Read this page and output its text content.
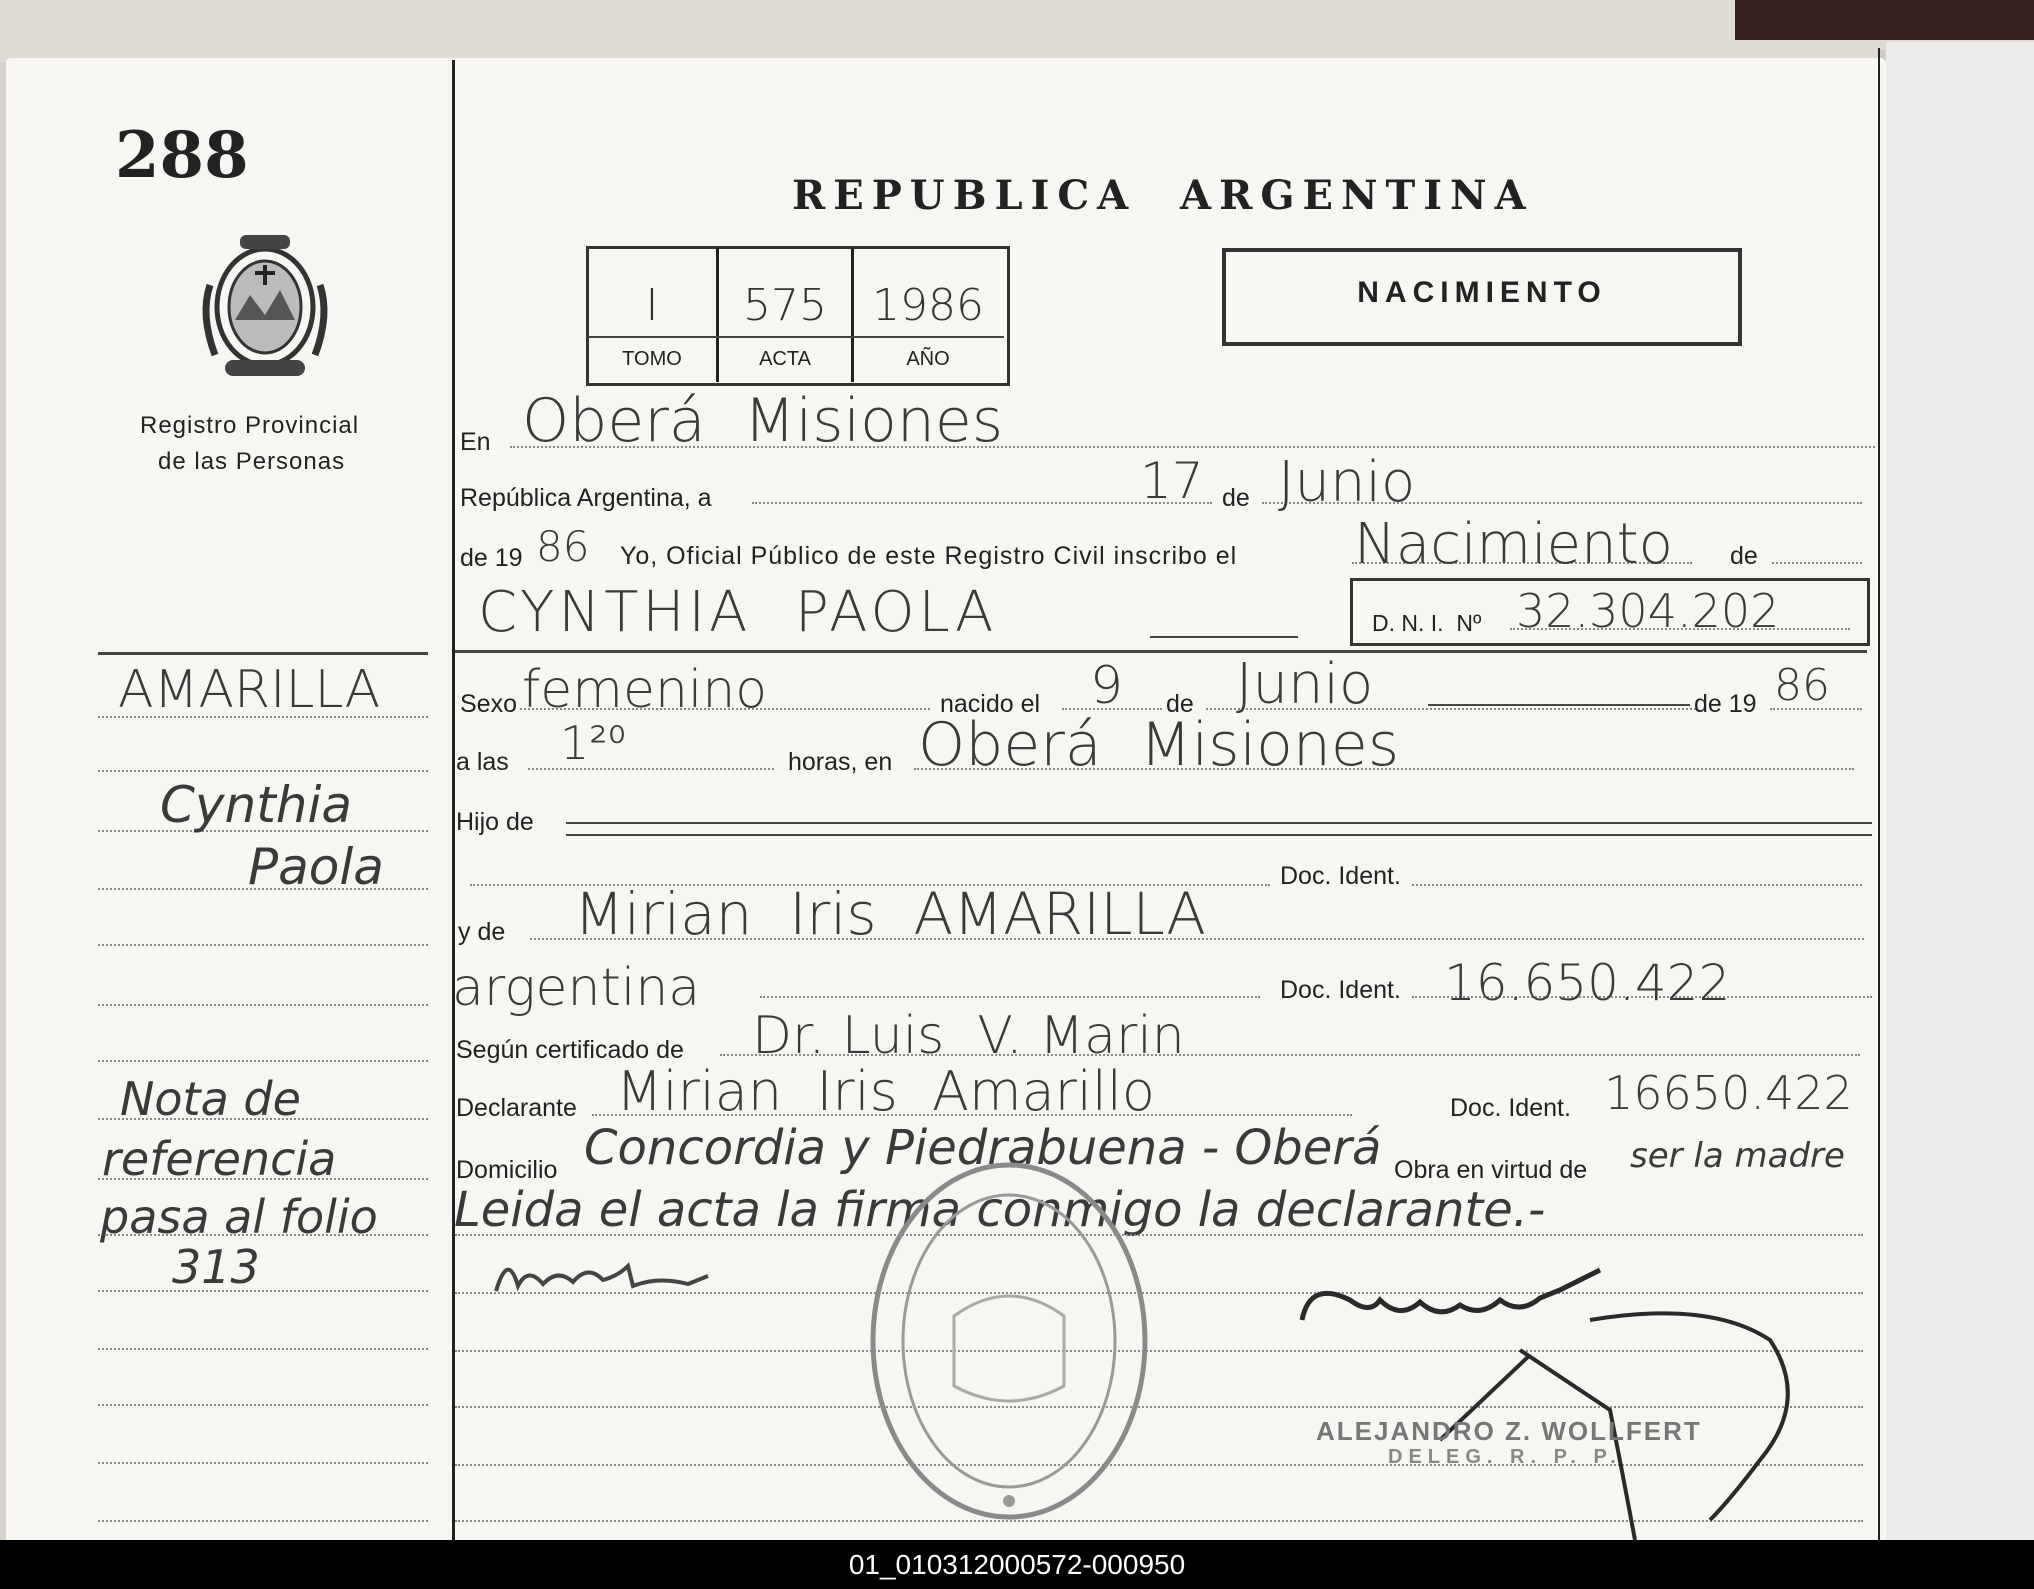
288
Registro Provincial
de las Personas
AMARILLA
Cynthia
Paola
Nota de
referencia
pasa al folio
313
REPUBLICA  ARGENTINA
I	575	1986
TOMO	ACTA	AÑO
NACIMIENTO
En Oberá  Misiones
República Argentina, a	17 de Junio
de 19 86 Yo, Oficial Público de este Registro Civil inscribo el Nacimiento de
CYNTHIA  PAOLA	D. N. I.  Nº 32.304.202
Sexo femenino	nacido el 9 de Junio	de 19 86
a las 1²⁰	horas, en Oberá  Misiones
Hijo de
Doc. Ident.
y de Mirian  Iris  AMARILLA
argentina	Doc. Ident. 16.650.422
Según certificado de Dr. Luis  V. Marin
Declarante Mirian  Iris  Amarillo	Doc. Ident. 16650.422
Domicilio Concordia y Piedrabuena - Oberá Obra en virtud de ser la madre
Leida el acta la firma conmigo la declarante.-
ALEJANDRO Z. WOLLFERT
DELEG. R. P. P.
01_010312000572-000950
